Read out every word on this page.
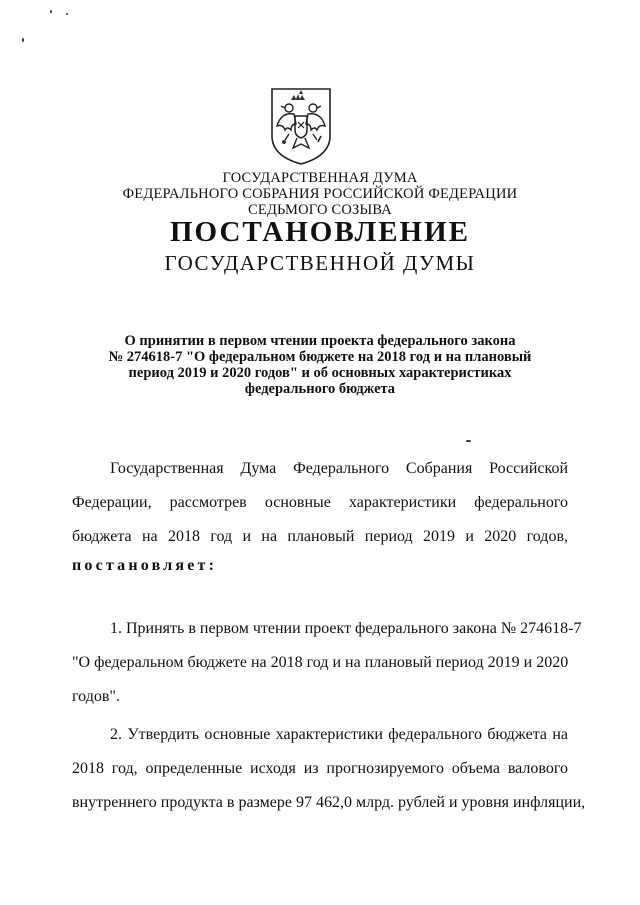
ГОСУДАРСТВЕННАЯ ДУМА
ФЕДЕРАЛЬНОГО СОБРАНИЯ РОССИЙСКОЙ ФЕДЕРАЦИИ
СЕДЬМОГО СОЗЫВА
ПОСТАНОВЛЕНИЕ
ГОСУДАРСТВЕННОЙ ДУМЫ
О принятии в первом чтении проекта федерального закона
№ 274618-7 "О федеральном бюджете на 2018 год и на плановый
период 2019 и 2020 годов" и об основных характеристиках
федерального бюджета
Государственная Дума Федерального Собрания Российской
Федерации, рассмотрев основные характеристики федерального
бюджета на 2018 год и на плановый период 2019 и 2020 годов,
постановляет:
1. Принять в первом чтении проект федерального закона № 274618-7
"О федеральном бюджете на 2018 год и на плановый период 2019 и 2020
годов".
2. Утвердить основные характеристики федерального бюджета на
2018 год, определенные исходя из прогнозируемого объема валового
внутреннего продукта в размере 97 462,0 млрд. рублей и уровня инфляции,
